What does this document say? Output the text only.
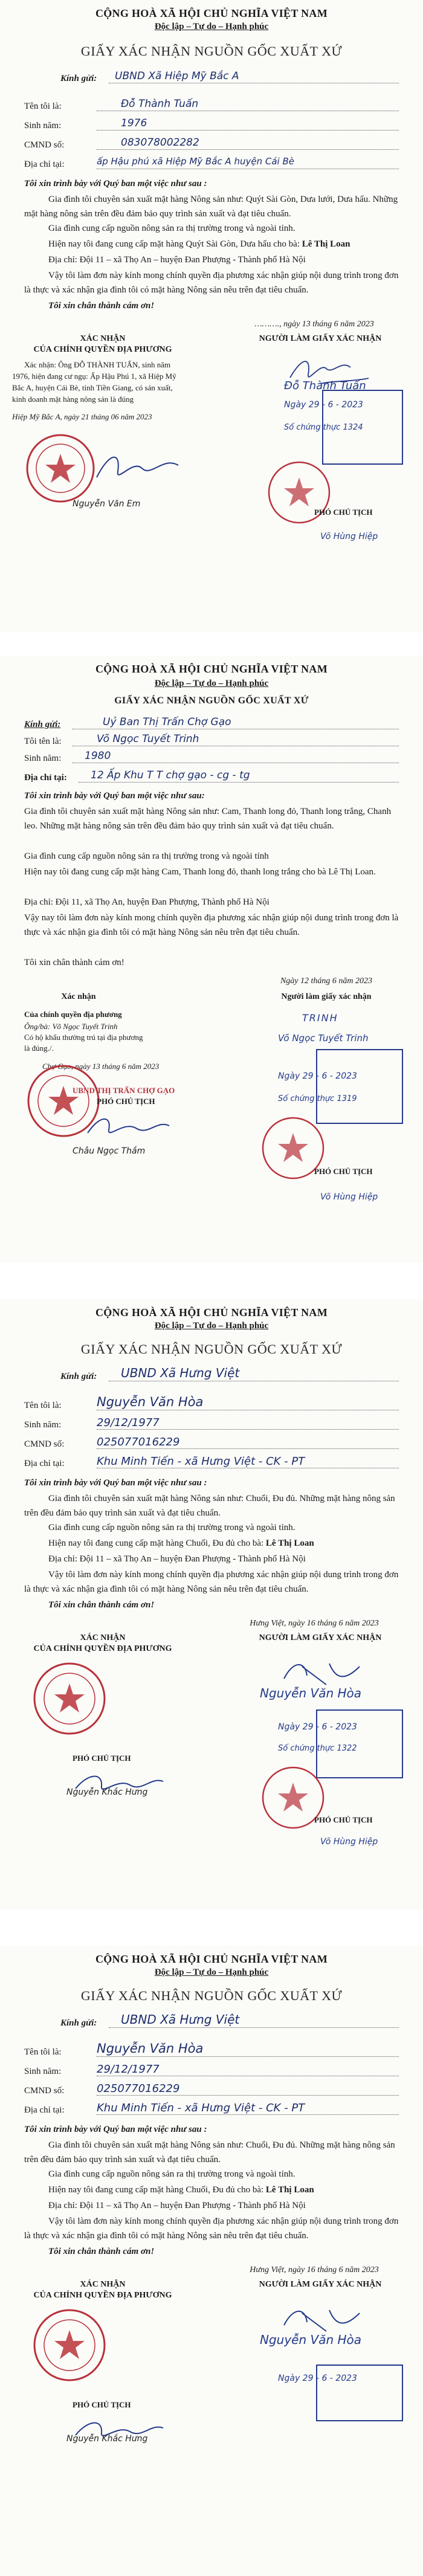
CỘNG HOÀ XÃ HỘI CHỦ NGHĨA VIỆT NAM
Độc lập – Tự do – Hạnh phúc
GIẤY XÁC NHẬN NGUỒN GỐC XUẤT XỨ
Kính gửi: UBND Xã Hiệp Mỹ Bắc A
Tên tôi là:	Đỗ Thành Tuấn
Sinh năm:	1976
CMND số:	083078002282
Địa chỉ tại:	ấp Hậu phú xã Hiệp Mỹ Bắc A huyện Cái Bè
Tôi xin trình bày với Quý ban một việc như sau :
Gia đình tôi chuyên sản xuất mặt hàng Nông sản như: Quýt Sài Gòn, Dưa lưới, Dưa hấu. Những mặt hàng nông sản trên đều đảm bảo quy trình sản xuất và đạt tiêu chuẩn.
Gia đình cung cấp nguồn nông sản ra thị trường trong và ngoài tỉnh.
Hiện nay tôi đang cung cấp mặt hàng Quýt Sài Gòn, Dưa hấu cho bà: Lê Thị Loan
Địa chỉ: Đội 11 – xã Thọ An – huyện Đan Phượng - Thành phố Hà Nội
Vậy tôi làm đơn này kính mong chính quyền địa phương xác nhận giúp nội dung trình trong đơn là thực và xác nhận gia đình tôi có mặt hàng Nông sản nêu trên đạt tiêu chuẩn.
Tôi xin chân thành cám ơn!
………., ngày 13 tháng 6 năm 2023
XÁC NHẬN
CỦA CHÍNH QUYỀN ĐỊA PHƯƠNG
NGƯỜI LÀM GIẤY XÁC NHẬN
Xác nhận: Ông ĐỖ THÀNH TUẤN, sinh năm 1976, hiện đang cư ngụ: Ấp Hậu Phú 1, xã Hiệp Mỹ Bắc A, huyện Cái Bè, tỉnh Tiền Giang, có sản xuất, kinh doanh mặt hàng nông sản là đúng
Hiệp Mỹ Bắc A, ngày 21 tháng 06 năm 2023
Đỗ Thành Tuấn
Nguyễn Văn Em
Ngày 29 - 6 - 2023
Số chứng thực 1324
PHÓ CHỦ TỊCH
Võ Hùng Hiệp
CỘNG HOÀ XÃ HỘI CHỦ NGHĨA VIỆT NAM
Độc lập – Tự do – Hạnh phúc
GIẤY XÁC NHẬN NGUỒN GỐC XUẤT XỨ
Kính gửi:	Uỷ Ban Thị Trấn Chợ Gạo
Tôi tên là:	Võ Ngọc Tuyết Trinh
Sinh năm: 1980
Địa chỉ tại: 12 Ấp Khu T T chợ gạo - cg - tg
Tôi xin trình bày với Quý ban một việc như sau:
Gia đình tôi chuyên sản xuất mặt hàng Nông sản như: Cam, Thanh long đỏ, Thanh long trắng, Chanh leo. Những mặt hàng nông sản trên đều đảm bảo quy trình sản xuất và đạt tiêu chuẩn.
Gia đình cung cấp nguồn nông sản ra thị trường trong và ngoài tỉnh
Hiện nay tôi đang cung cấp mặt hàng Cam, Thanh long đỏ, thanh long trắng cho bà Lê Thị Loan.
Địa chỉ: Đội 11, xã Thọ An, huyện Đan Phượng, Thành phố Hà Nội
Vậy nay tôi làm đơn này kính mong chính quyền địa phương xác nhận giúp nội dung trình trong đơn là thực và xác nhận gia đình tôi có mặt hàng Nông sản nêu trên đạt tiêu chuẩn.
Tôi xin chân thành cám ơn!
Ngày 12 tháng 6 năm 2023
Xác nhận	Người làm giấy xác nhận
Của chính quyền địa phương
Ông/bà: Võ Ngọc Tuyết Trinh
Có hộ khẩu thường trú tại địa phương
là đúng./.
TRINH
Võ Ngọc Tuyết Trinh
Chợ Gạo, ngày 13 tháng 6 năm 2023
UBND THỊ TRẤN CHỢ GẠO
PHÓ CHỦ TỊCH
Châu Ngọc Thắm
Ngày 29 - 6 - 2023
Số chứng thực 1319
PHÓ CHỦ TỊCH
Võ Hùng Hiệp
CỘNG HOÀ XÃ HỘI CHỦ NGHĨA VIỆT NAM
Độc lập – Tự do – Hạnh phúc
GIẤY XÁC NHẬN NGUỒN GỐC XUẤT XỨ
Kính gửi: UBND Xã Hưng Việt
Tên tôi là:	Nguyễn Văn Hòa
Sinh năm:	29/12/1977
CMND số:	025077016229
Địa chỉ tại:	Khu Minh Tiến - xã Hưng Việt - CK - PT
Tôi xin trình bày với Quý ban một việc như sau :
Gia đình tôi chuyên sản xuất mặt hàng Nông sản như: Chuối, Đu đủ. Những mặt hàng nông sản trên đều đảm bảo quy trình sản xuất và đạt tiêu chuẩn.
Gia đình cung cấp nguồn nông sản ra thị trường trong và ngoài tỉnh.
Hiện nay tôi đang cung cấp mặt hàng Chuối, Đu đủ cho bà: Lê Thị Loan
Địa chỉ: Đội 11 – xã Thọ An – huyện Đan Phượng - Thành phố Hà Nội
Vậy tôi làm đơn này kính mong chính quyền địa phương xác nhận giúp nội dung trình trong đơn là thực và xác nhận gia đình tôi có mặt hàng Nông sản nêu trên đạt tiêu chuẩn.
Tôi xin chân thành cám ơn!
Hưng Việt, ngày 16 tháng 6 năm 2023
XÁC NHẬN
CỦA CHÍNH QUYỀN ĐỊA PHƯƠNG
NGƯỜI LÀM GIẤY XÁC NHẬN
Nguyễn Văn Hòa
PHÓ CHỦ TỊCH
Nguyễn Khắc Hưng
Ngày 29 - 6 - 2023
Số chứng thực 1322
PHÓ CHỦ TỊCH
Võ Hùng Hiệp
CỘNG HOÀ XÃ HỘI CHỦ NGHĨA VIỆT NAM
Độc lập – Tự do – Hạnh phúc
GIẤY XÁC NHẬN NGUỒN GỐC XUẤT XỨ
Kính gửi: UBND Xã Hưng Việt
Tên tôi là:	Nguyễn Văn Hòa
Sinh năm:	29/12/1977
CMND số:	025077016229
Địa chỉ tại:	Khu Minh Tiến - xã Hưng Việt - CK - PT
Tôi xin trình bày với Quý ban một việc như sau :
Gia đình tôi chuyên sản xuất mặt hàng Nông sản như: Chuối, Đu đủ. Những mặt hàng nông sản trên đều đảm bảo quy trình sản xuất và đạt tiêu chuẩn.
Gia đình cung cấp nguồn nông sản ra thị trường trong và ngoài tỉnh.
Hiện nay tôi đang cung cấp mặt hàng Chuối, Đu đủ cho bà: Lê Thị Loan
Địa chỉ: Đội 11 – xã Thọ An – huyện Đan Phượng - Thành phố Hà Nội
Vậy tôi làm đơn này kính mong chính quyền địa phương xác nhận giúp nội dung trình trong đơn là thực và xác nhận gia đình tôi có mặt hàng Nông sản nêu trên đạt tiêu chuẩn.
Tôi xin chân thành cám ơn!
Hưng Việt, ngày 16 tháng 6 năm 2023
XÁC NHẬN
CỦA CHÍNH QUYỀN ĐỊA PHƯƠNG
NGƯỜI LÀM GIẤY XÁC NHẬN
Nguyễn Văn Hòa
PHÓ CHỦ TỊCH
Nguyễn Khắc Hưng
Ngày 29 - 6 - 2023
